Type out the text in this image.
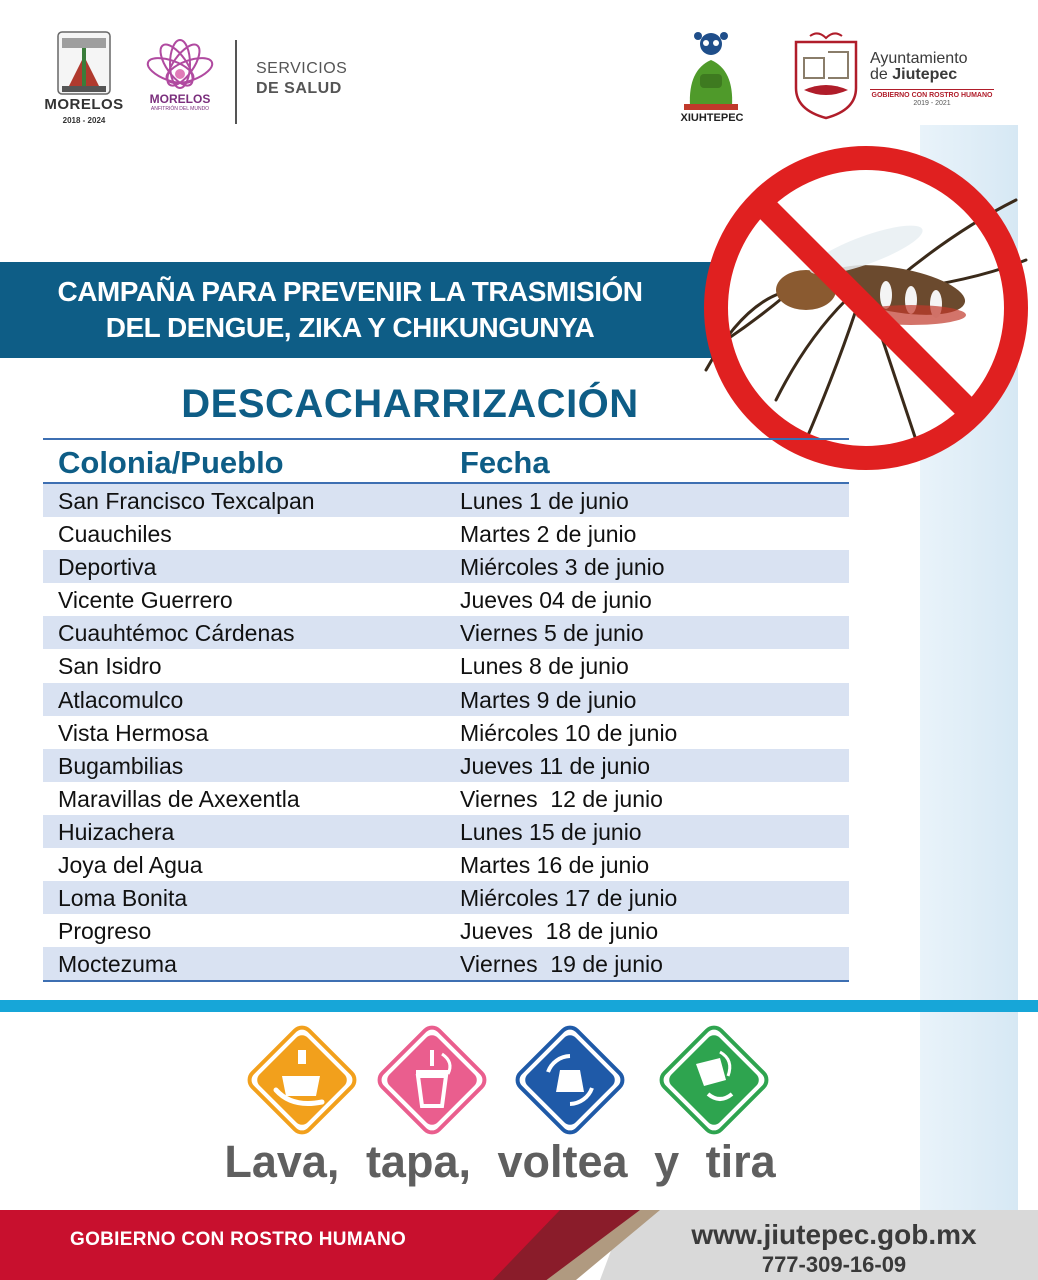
MORELOS
2018 - 2024
MORELOS
ANFITRIÓN DEL MUNDO
SERVICIOS
DE SALUD
XIUHTEPEC
Ayuntamiento
de Jiutepec
GOBIERNO CON ROSTRO HUMANO
2019 - 2021
CAMPAÑA PARA PREVENIR LA TRASMISIÓN
DEL DENGUE, ZIKA Y CHIKUNGUNYA
DESCACHARRIZACIÓN
Colonia/Pueblo	Fecha
San Francisco Texcalpan	Lunes 1 de junio
Cuauchiles	Martes 2 de junio
Deportiva	Miércoles 3 de junio
Vicente Guerrero	Jueves 04 de junio
Cuauhtémoc Cárdenas	Viernes 5 de junio
San Isidro	Lunes 8 de junio
Atlacomulco	Martes 9 de junio
Vista Hermosa	Miércoles 10 de junio
Bugambilias	Jueves 11 de junio
Maravillas de Axexentla	Viernes  12 de junio
Huizachera	Lunes 15 de junio
Joya del Agua	Martes 16 de junio
Loma Bonita	Miércoles 17 de junio
Progreso	Jueves  18 de junio
Moctezuma	Viernes  19 de junio
Lava, tapa, voltea y tira
GOBIERNO CON ROSTRO HUMANO	www.jiutepec.gob.mx
777-309-16-09
